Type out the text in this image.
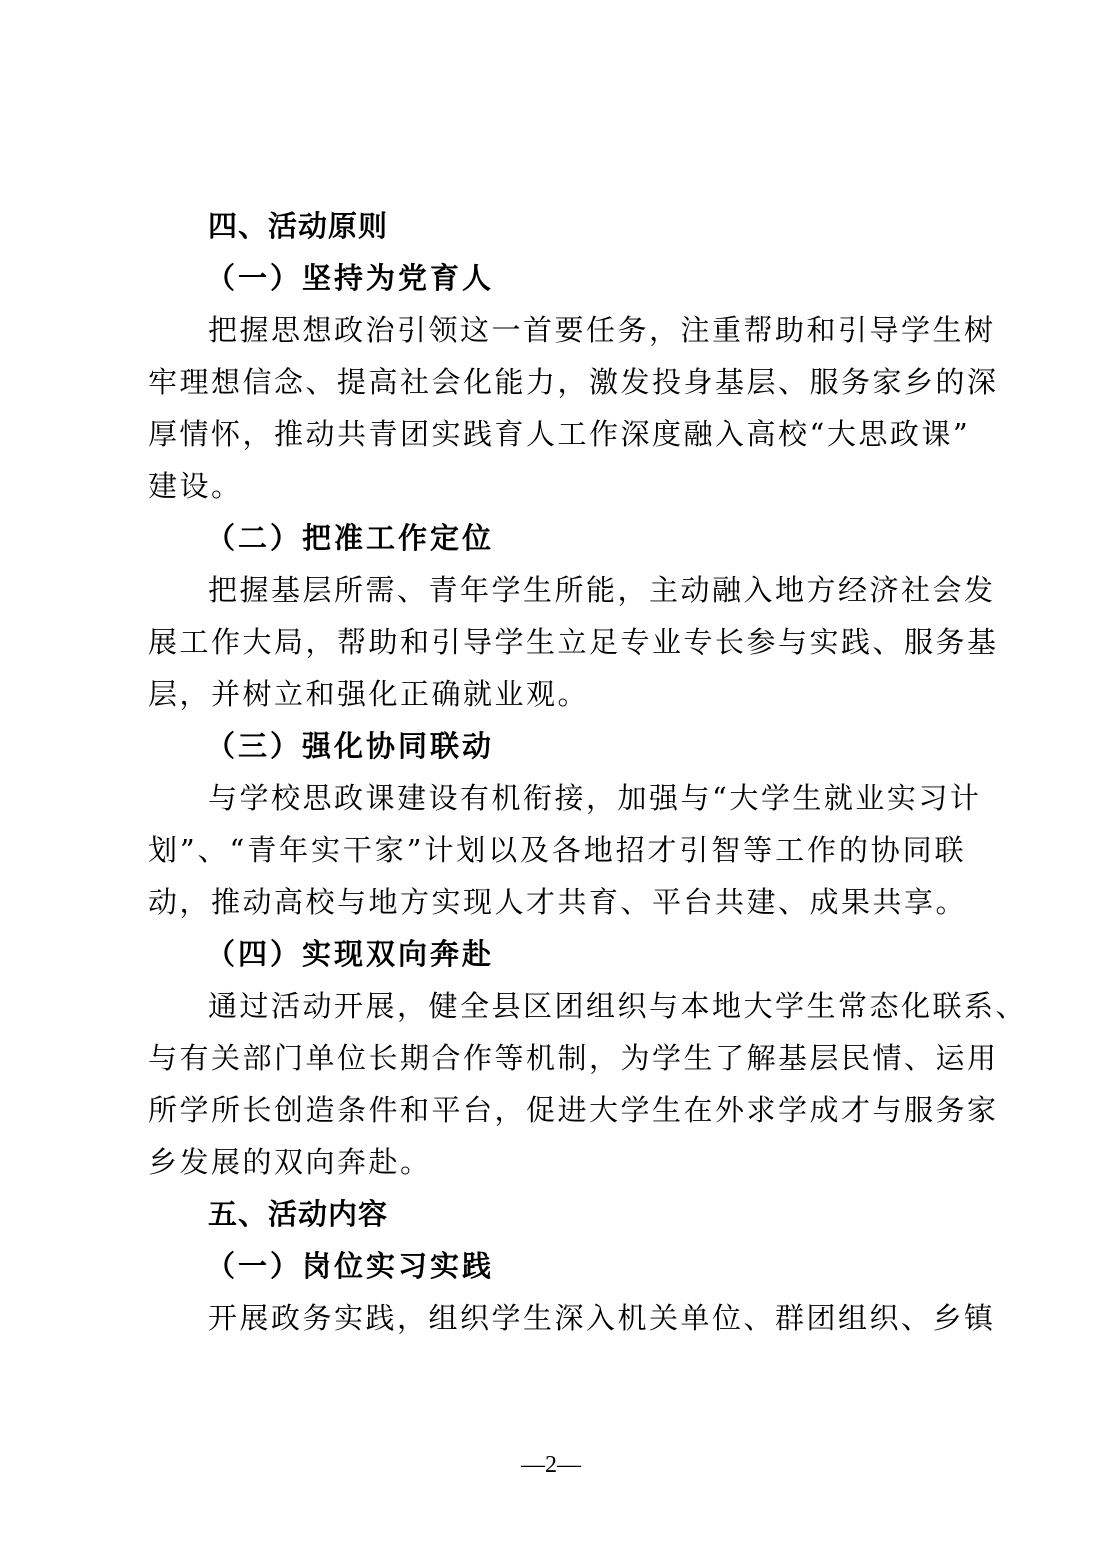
四、活动原则
（一）坚持为党育人
把握思想政治引领这一首要任务，注重帮助和引导学生树
牢理想信念、提高社会化能力，激发投身基层、服务家乡的深
厚情怀，推动共青团实践育人工作深度融入高校“大思政课”
建设。
（二）把准工作定位
把握基层所需、青年学生所能，主动融入地方经济社会发
展工作大局，帮助和引导学生立足专业专长参与实践、服务基
层，并树立和强化正确就业观。
（三）强化协同联动
与学校思政课建设有机衔接，加强与“大学生就业实习计
划”、“青年实干家”计划以及各地招才引智等工作的协同联
动，推动高校与地方实现人才共育、平台共建、成果共享。
（四）实现双向奔赴
通过活动开展，健全县区团组织与本地大学生常态化联系、
与有关部门单位长期合作等机制，为学生了解基层民情、运用
所学所长创造条件和平台，促进大学生在外求学成才与服务家
乡发展的双向奔赴。
五、活动内容
（一）岗位实习实践
开展政务实践，组织学生深入机关单位、群团组织、乡镇
—2—
